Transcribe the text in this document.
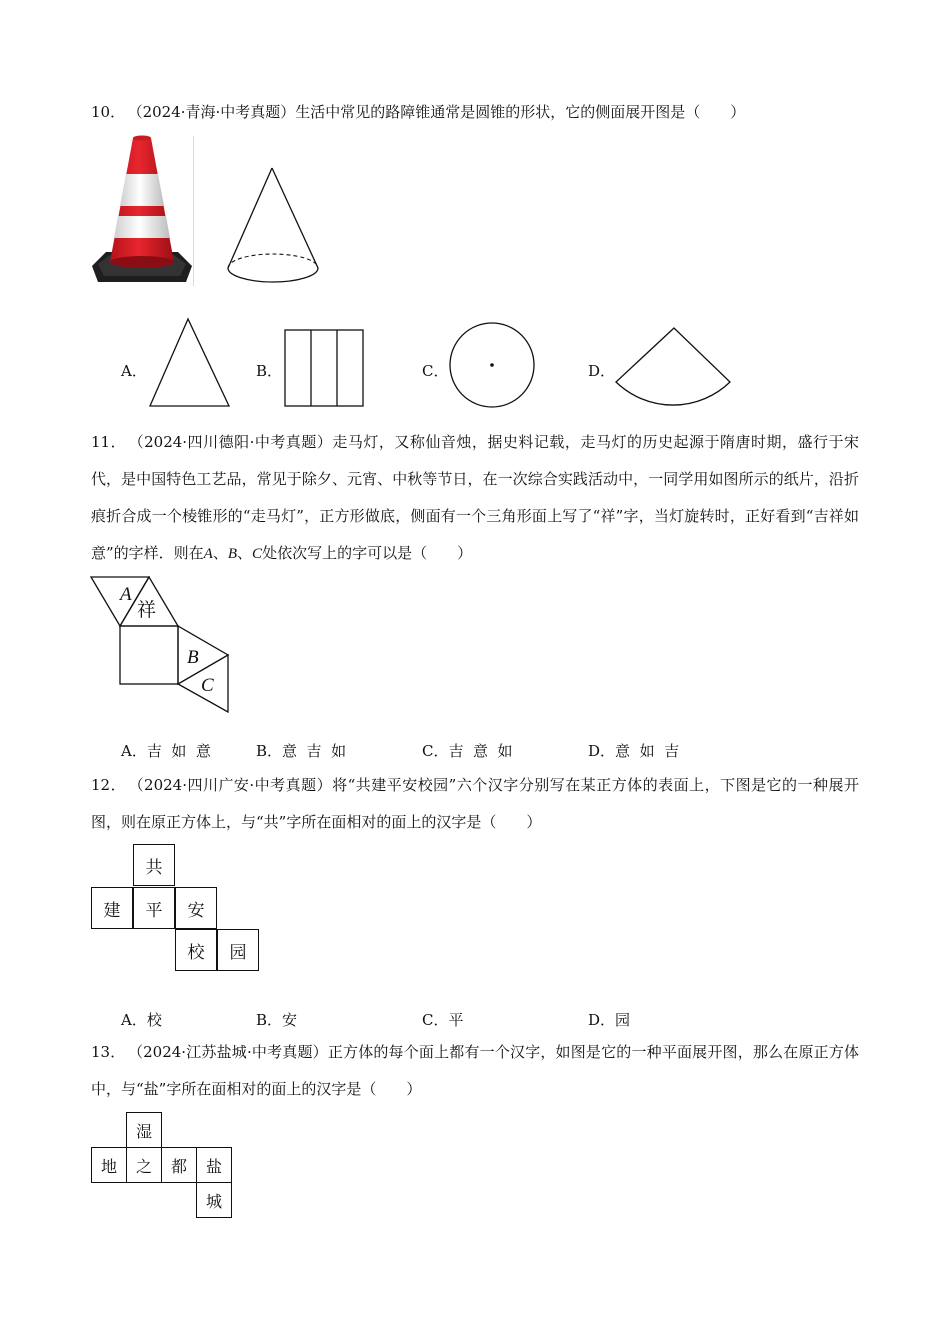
10． （2024·青海·中考真题）生活中常见的路障锥通常是圆锥的形状，它的侧面展开图是（　　）
A．	B．	C．	D．
11． （2024·四川德阳·中考真题）走马灯，又称仙音烛，据史料记载，走马灯的历史起源于隋唐时期，盛行于宋代，是中国特色工艺品，常见于除夕、元宵、中秋等节日，在一次综合实践活动中，一同学用如图所示的纸片，沿折痕折合成一个棱锥形的“走马灯”，正方形做底，侧面有一个三角形面上写了“祥”字，当灯旋转时，正好看到“吉祥如意”的字样．则在A、B、C处依次写上的字可以是（　　）
A
祥
B
C
A．吉  如  意	B．意  吉  如	C．吉  意  如	D．意  如  吉
12． （2024·四川广安·中考真题）将“共建平安校园”六个汉字分别写在某正方体的表面上，下图是它的一种展开图，则在原正方体上，与“共”字所在面相对的面上的汉字是（　　）
共
建	平	安
校	园
A．校	B．安	C．平	D．园
13． （2024·江苏盐城·中考真题）正方体的每个面上都有一个汉字，如图是它的一种平面展开图，那么在原正方体中，与“盐”字所在面相对的面上的汉字是（　　）
湿
地	之	都	盐
城
